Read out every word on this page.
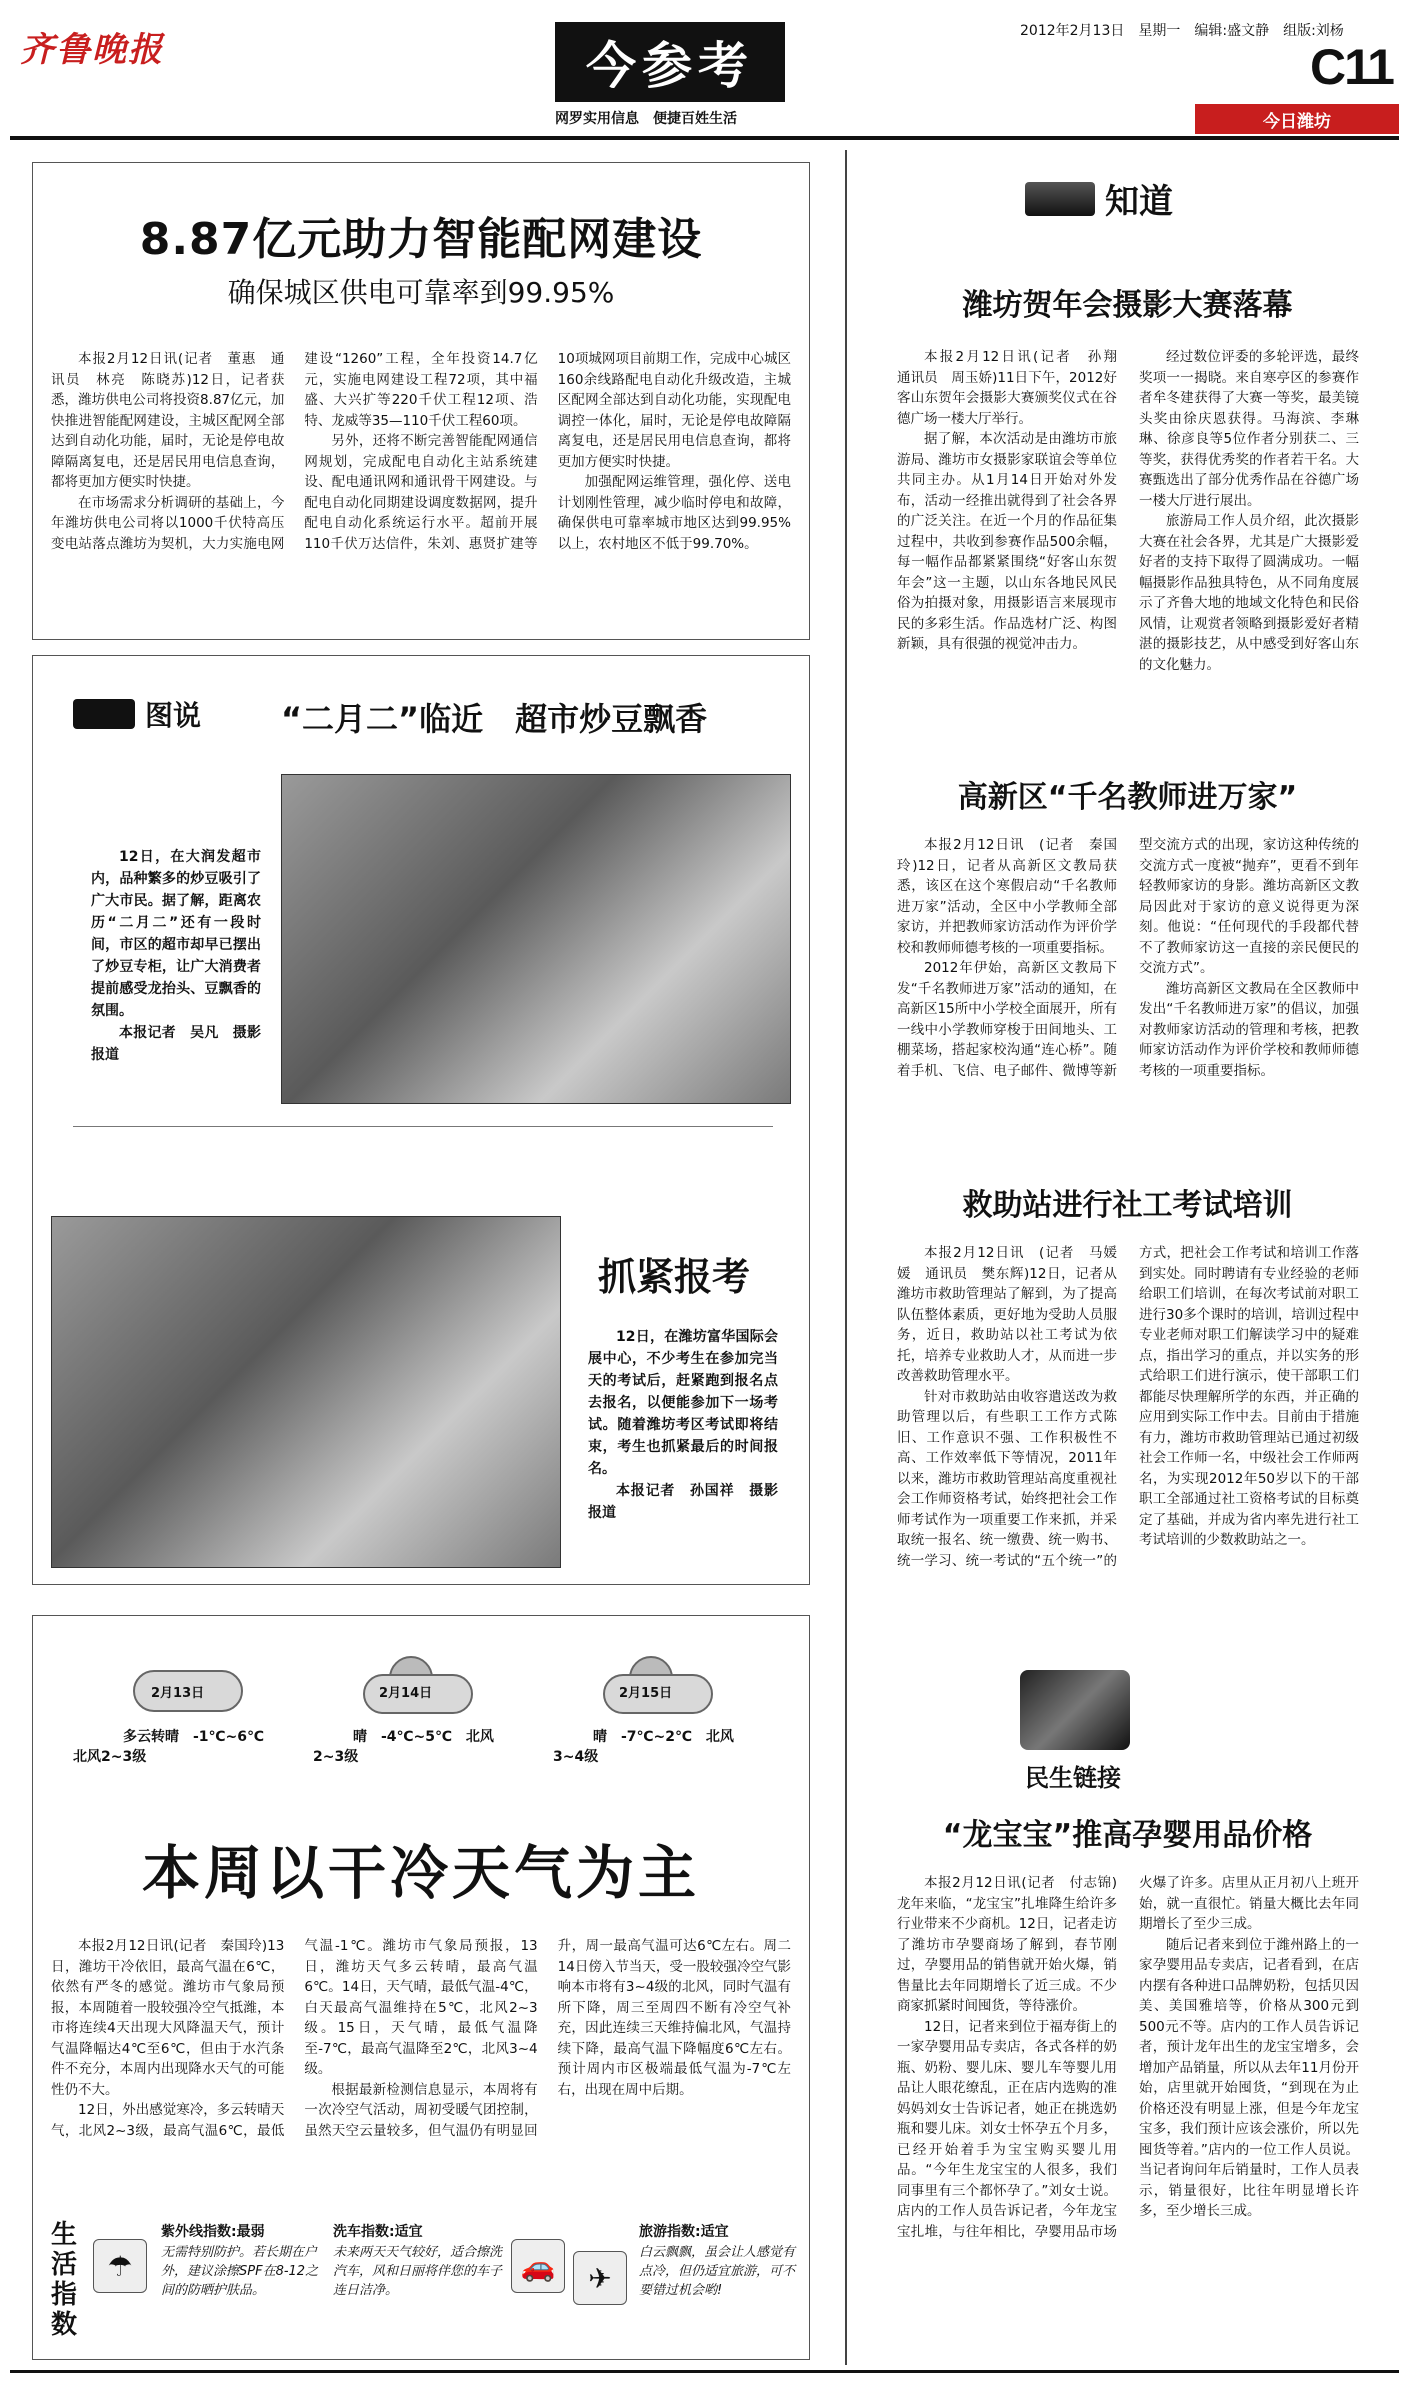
齐鲁晚报	今参考
网罗实用信息　便捷百姓生活
2012年2月13日 星期一 编辑:盛文静 组版:刘杨
C11
今日潍坊
8.87亿元助力智能配网建设
确保城区供电可靠率到99.95%

本报2月12日讯(记者　董惠　通讯员　林亮　陈晓苏)12日，记者获悉，潍坊供电公司将投资8.87亿元，加快推进智能配网建设，主城区配网全部达到自动化功能，届时，无论是停电故障隔离复电，还是居民用电信息查询，都将更加方便实时快捷。

在市场需求分析调研的基础上，今年潍坊供电公司将以1000千伏特高压变电站落点潍坊为契机，大力实施电网建设“1260”工程，全年投资14.7亿元，实施电网建设工程72项，其中福盛、大兴扩等220千伏工程12项、浩特、龙威等35—110千伏工程60项。

另外，还将不断完善智能配网通信网规划，完成配电自动化主站系统建设、配电通讯网和通讯骨干网建设。与配电自动化同期建设调度数据网，提升配电自动化系统运行水平。超前开展110千伏万达信件，朱刘、惠贤扩建等10项城网项目前期工作，完成中心城区160余线路配电自动化升级改造，主城区配网全部达到自动化功能，实现配电调控一体化，届时，无论是停电故障隔离复电，还是居民用电信息查询，都将更加方便实时快捷。

加强配网运维管理，强化停、送电计划刚性管理，减少临时停电和故障，确保供电可靠率城市地区达到99.95%以上，农村地区不低于99.70%。

图说 “二月二”临近　超市炒豆飘香
12日，在大润发超市内，品种繁多的炒豆吸引了广大市民。据了解，距离农历“二月二”还有一段时间，市区的超市却早已摆出了炒豆专柜，让广大消费者提前感受龙抬头、豆飘香的氛围。
本报记者　吴凡　摄影报道
抓紧报考
12日，在潍坊富华国际会展中心，不少考生在参加完当天的考试后，赶紧跑到报名点去报名，以便能参加下一场考试。随着潍坊考区考试即将结束，考生也抓紧最后的时间报名。
本报记者　孙国祥　摄影报道
2月13日
多云转晴　-1℃~6℃
北风2~3级
2月14日
晴　-4℃~5℃　北风
2~3级
2月15日
晴　-7℃~2℃　北风
3~4级
本周以干冷天气为主

本报2月12日讯(记者　秦国玲)13日，潍坊干冷依旧，最高气温在6℃，依然有严冬的感觉。潍坊市气象局预报，本周随着一股较强冷空气抵潍，本市将连续4天出现大风降温天气，预计气温降幅达4℃至6℃，但由于水汽条件不充分，本周内出现降水天气的可能性仍不大。

12日，外出感觉寒冷，多云转晴天气，北风2~3级，最高气温6℃，最低气温-1℃。潍坊市气象局预报，13日，潍坊天气多云转晴，最高气温6℃。14日，天气晴，最低气温-4℃，白天最高气温维持在5℃，北风2~3级。15日，天气晴，最低气温降至-7℃，最高气温降至2℃，北风3~4级。

根据最新检测信息显示，本周将有一次冷空气活动，周初受暖气团控制，虽然天空云量较多，但气温仍有明显回升，周一最高气温可达6℃左右。周二14日傍入节当天，受一股较强冷空气影响本市将有3~4级的北风，同时气温有所下降，周三至周四不断有冷空气补充，因此连续三天维持偏北风，气温持续下降，最高气温下降幅度6℃左右。预计周内市区极端最低气温为-7℃左右，出现在周中后期。

生活指数
☂
紫外线指数:最弱
无需特别防护。若长期在户外，建议涂擦SPF在8-12之间的防晒护肤品。
洗车指数:适宜
未来两天天气较好，适合擦洗汽车，风和日丽将伴您的车子连日洁净。
🚗	✈
旅游指数:适宜
白云飘飘，虽会让人感觉有点冷，但仍适宜旅游，可不要错过机会哟!
知道
潍坊贺年会摄影大赛落幕

本报2月12日讯(记者　孙翔　通讯员　周玉娇)11日下午，2012好客山东贺年会摄影大赛颁奖仪式在谷德广场一楼大厅举行。

据了解，本次活动是由潍坊市旅游局、潍坊市女摄影家联谊会等单位共同主办。从1月14日开始对外发布，活动一经推出就得到了社会各界的广泛关注。在近一个月的作品征集过程中，共收到参赛作品500余幅，每一幅作品都紧紧围绕“好客山东贺年会”这一主题，以山东各地民风民俗为拍摄对象，用摄影语言来展现市民的多彩生活。作品选材广泛、构图新颖，具有很强的视觉冲击力。

经过数位评委的多轮评选，最终奖项一一揭晓。来自寒亭区的参赛作者牟冬建获得了大赛一等奖，最美镜头奖由徐庆恩获得。马海滨、李琳琳、徐彦良等5位作者分别获二、三等奖，获得优秀奖的作者若干名。大赛甄选出了部分优秀作品在谷德广场一楼大厅进行展出。

旅游局工作人员介绍，此次摄影大赛在社会各界，尤其是广大摄影爱好者的支持下取得了圆满成功。一幅幅摄影作品独具特色，从不同角度展示了齐鲁大地的地域文化特色和民俗风情，让观赏者领略到摄影爱好者精湛的摄影技艺，从中感受到好客山东的文化魅力。

高新区“千名教师进万家”

本报2月12日讯　(记者　秦国玲)12日，记者从高新区文教局获悉，该区在这个寒假启动“千名教师进万家”活动，全区中小学教师全部家访，并把教师家访活动作为评价学校和教师师德考核的一项重要指标。

2012年伊始，高新区文教局下发“千名教师进万家”活动的通知，在高新区15所中小学校全面展开，所有一线中小学教师穿梭于田间地头、工棚菜场，搭起家校沟通“连心桥”。随着手机、飞信、电子邮件、微博等新型交流方式的出现，家访这种传统的交流方式一度被“抛弃”，更看不到年轻教师家访的身影。潍坊高新区文教局因此对于家访的意义说得更为深刻。他说：“任何现代的手段都代替不了教师家访这一直接的亲民便民的交流方式”。

潍坊高新区文教局在全区教师中发出“千名教师进万家”的倡议，加强对教师家访活动的管理和考核，把教师家访活动作为评价学校和教师师德考核的一项重要指标。

救助站进行社工考试培训

本报2月12日讯　(记者　马媛媛　通讯员　樊东辉)12日，记者从潍坊市救助管理站了解到，为了提高队伍整体素质，更好地为受助人员服务，近日，救助站以社工考试为依托，培养专业救助人才，从而进一步改善救助管理水平。

针对市救助站由收容遣送改为救助管理以后，有些职工工作方式陈旧、工作意识不强、工作积极性不高、工作效率低下等情况，2011年以来，潍坊市救助管理站高度重视社会工作师资格考试，始终把社会工作师考试作为一项重要工作来抓，并采取统一报名、统一缴费、统一购书、统一学习、统一考试的“五个统一”的方式，把社会工作考试和培训工作落到实处。同时聘请有专业经验的老师给职工们培训，在每次考试前对职工进行30多个课时的培训，培训过程中专业老师对职工们解读学习中的疑难点，指出学习的重点，并以实务的形式给职工们进行演示，使干部职工们都能尽快理解所学的东西，并正确的应用到实际工作中去。目前由于措施有力，潍坊市救助管理站已通过初级社会工作师一名，中级社会工作师两名，为实现2012年50岁以下的干部职工全部通过社工资格考试的目标奠定了基础，并成为省内率先进行社工考试培训的少数救助站之一。

民生链接
“龙宝宝”推高孕婴用品价格

本报2月12日讯(记者　付志锦)龙年来临，“龙宝宝”扎堆降生给许多行业带来不少商机。12日，记者走访了潍坊市孕婴商场了解到，春节刚过，孕婴用品的销售就开始火爆，销售量比去年同期增长了近三成。不少商家抓紧时间囤货，等待涨价。

12日，记者来到位于福寿街上的一家孕婴用品专卖店，各式各样的奶瓶、奶粉、婴儿床、婴儿车等婴儿用品让人眼花缭乱，正在店内选购的准妈妈刘女士告诉记者，她正在挑选奶瓶和婴儿床。刘女士怀孕五个月多，已经开始着手为宝宝购买婴儿用品。“今年生龙宝宝的人很多，我们同事里有三个都怀孕了。”刘女士说。店内的工作人员告诉记者，今年龙宝宝扎堆，与往年相比，孕婴用品市场火爆了许多。店里从正月初八上班开始，就一直很忙。销量大概比去年同期增长了至少三成。

随后记者来到位于潍州路上的一家孕婴用品专卖店，记者看到，在店内摆有各种进口品牌奶粉，包括贝因美、美国雅培等，价格从300元到500元不等。店内的工作人员告诉记者，预计龙年出生的龙宝宝增多，会增加产品销量，所以从去年11月份开始，店里就开始囤货，“到现在为止价格还没有明显上涨，但是今年龙宝宝多，我们预计应该会涨价，所以先囤货等着。”店内的一位工作人员说。当记者询问年后销量时，工作人员表示，销量很好，比往年明显增长许多，至少增长三成。
